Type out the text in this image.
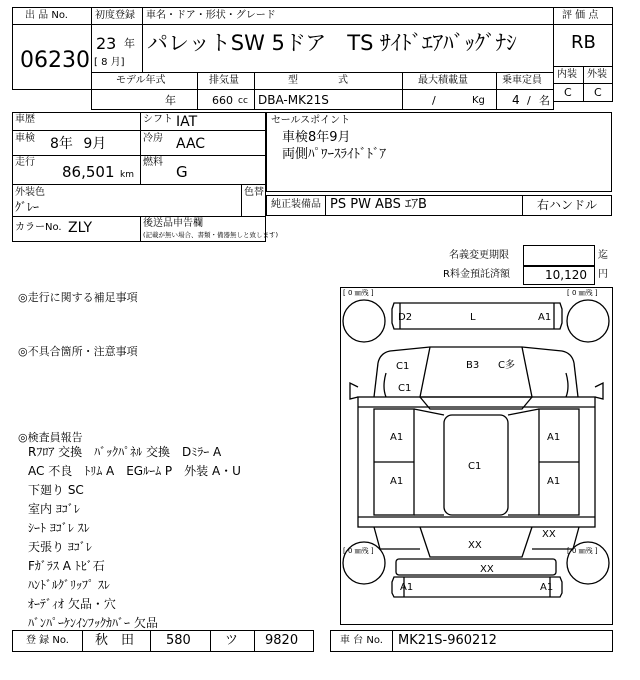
出 品 No.
06230
初度登録 車名・ドア・形状・グレード
23 年
[ 8 月]
パレットSW 5ドア　TS ｻｲﾄﾞｴｱﾊﾞｯｸﾞﾅｼ
評 価 点
RB
内装 外装
C C
モデル年式	排気量	型　　　　式	最大積載量	乗車定員
年	660 cc DBA-MK21S	/	Kg 4 / 名
車歴	シフト IAT
車検 8年 9月	冷房 AAC
走行
86,501 km
燃料
G
外装色
ｸﾞﾚｰ
色替
カラーNo. ZLY	後送品申告欄
(記載が無い場合、書類・備器無しと致します)
セールスポイント
車検8年9月
両側ﾊﾟﾜｰｽﾗｲﾄﾞﾄﾞｱ
純正装備品 PS PW ABS ｴｱB	右ハンドル
名義変更期限	迄
R料金預託済額	10,120 円
◎走行に関する補足事項
◎不具合箇所・注意事項
◎検査員報告
Rﾌﾛｱ 交換　ﾊﾞｯｸﾊﾟﾈﾙ 交換　Dﾐﾗｰ A
AC 不良　ﾄﾘﾑ A　EGﾙｰﾑ P　外装 A・U
下廻り SC
室内 ﾖｺﾞﾚ
ｼｰﾄ ﾖｺﾞﾚ ｽﾚ
天張り ﾖｺﾞﾚ
Fｶﾞﾗｽ A ﾄﾋﾞ石
ﾊﾝﾄﾞﾙｸﾞﾘｯﾌﾟ ｽﾚ
ｵｰﾃﾞｨｵ 欠品・穴
ﾊﾞﾝﾊﾟｰｹﾝｲﾝﾌｯｸｶﾊﾞｰ 欠品
[ 0 ㎜残 ]	[ 0 ㎜残 ]
[ 0 ㎜残 ]	[ 0 ㎜残 ]
D2	L	A1
C1
C1
B3 C多
A1
A1
C1
A1
A1
XX
XX
XX
A1	A1
登 録 No. 秋　田 580	ツ 9820	車 台 No. MK21S-960212
